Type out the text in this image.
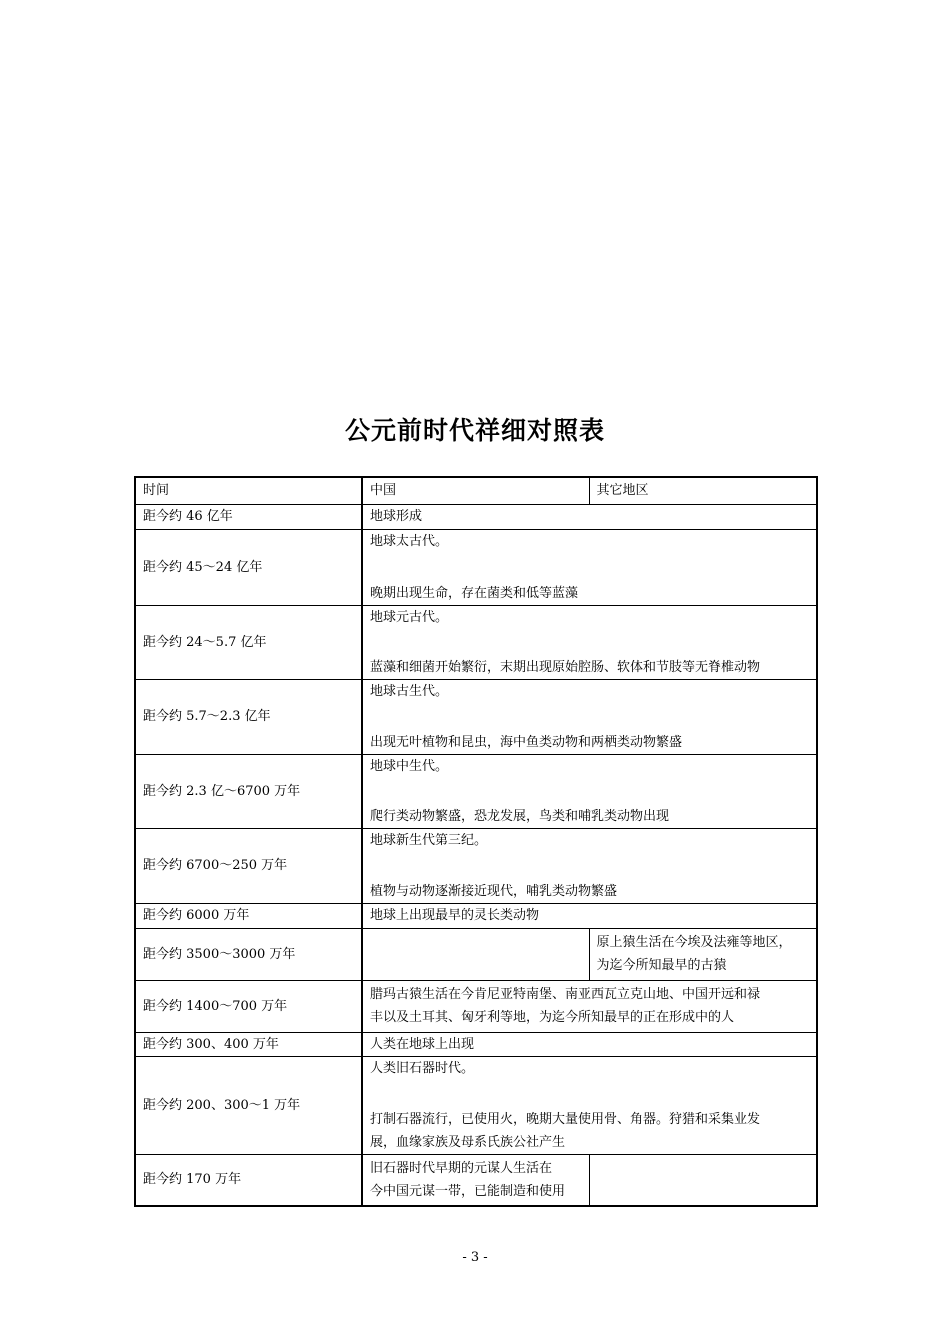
公元前时代祥细对照表
时间	中国	其它地区
距今约 46 亿年	地球形成	
距今约 45～24 亿年	地球太古代。
晚期出现生命，存在菌类和低等蓝藻	

距今约 24～5.7 亿年	地球元古代。
蓝藻和细菌开始繁衍，末期出现原始腔肠、软体和节肢等无脊椎动物	

距今约 5.7～2.3 亿年	地球古生代。
出现无叶植物和昆虫，海中鱼类动物和两栖类动物繁盛	

距今约 2.3 亿～6700 万年	地球中生代。
爬行类动物繁盛，恐龙发展，鸟类和哺乳类动物出现	

距今约 6700～250 万年	地球新生代第三纪。
植物与动物逐渐接近现代，哺乳类动物繁盛	

距今约 6000 万年	地球上出现最早的灵长类动物	
距今约 3500～3000 万年		原上猿生活在今埃及法雍等地区，
为迄今所知最早的古猿

距今约 1400～700 万年	腊玛古猿生活在今肯尼亚特南堡、南亚西瓦立克山地、中国开远和禄
丰以及土耳其、匈牙利等地，为迄今所知最早的正在形成中的人	

距今约 300、400 万年	人类在地球上出现	
距今约 200、300～1 万年	人类旧石器时代。
打制石器流行，已使用火，晚期大量使用骨、角器。狩猎和采集业发
展，血缘家族及母系氏族公社产生	

距今约 170 万年	旧石器时代早期的元谋人生活在
今中国元谋一带，已能制造和使用	

- 3 -
